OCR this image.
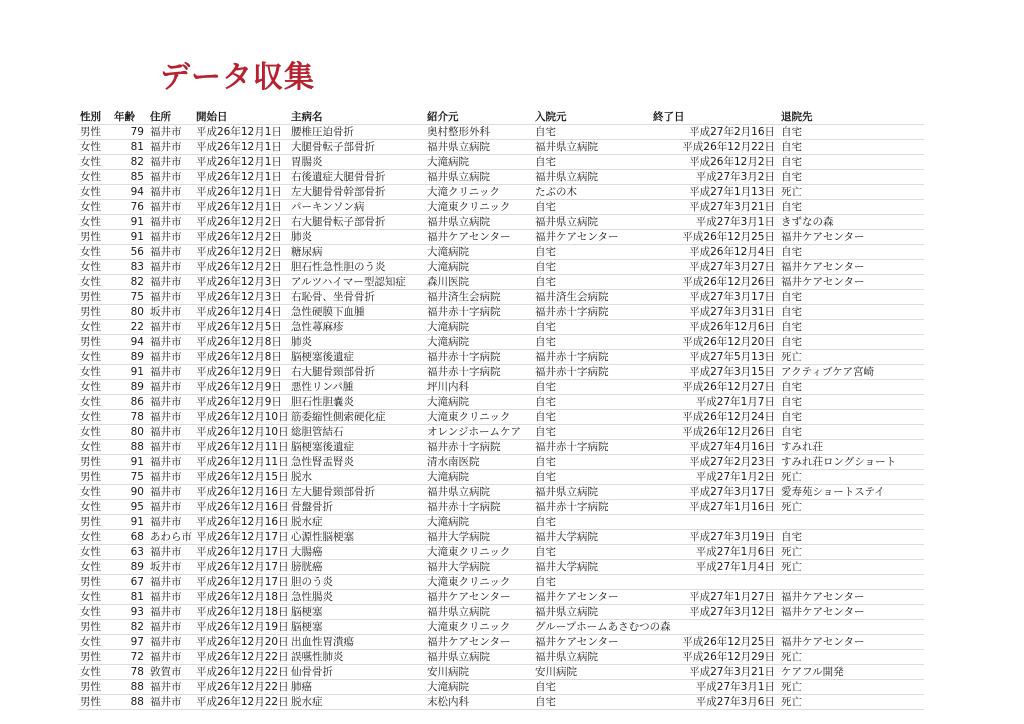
データ収集
性別	年齢	住所	開始日	主病名	紹介元	入院元	終了日	退院先
男性	79	福井市	平成26年12月1日	腰椎圧迫骨折	奥村整形外科	自宅	平成27年2月16日	自宅
女性	81	福井市	平成26年12月1日	大腿骨転子部骨折	福井県立病院	福井県立病院	平成26年12月22日	自宅
女性	82	福井市	平成26年12月1日	胃腸炎	大滝病院	自宅	平成26年12月2日	自宅
女性	85	福井市	平成26年12月1日	右後遺症大腿骨骨折	福井県立病院	福井県立病院	平成27年3月2日	自宅
女性	94	福井市	平成26年12月1日	左大腿骨骨幹部骨折	大滝クリニック	たぶの木	平成27年1月13日	死亡
女性	76	福井市	平成26年12月1日	パーキンソン病	大滝東クリニック	自宅	平成27年3月21日	自宅
女性	91	福井市	平成26年12月2日	右大腿骨転子部骨折	福井県立病院	福井県立病院	平成27年3月1日	きずなの森
男性	91	福井市	平成26年12月2日	肺炎	福井ケアセンター	福井ケアセンター	平成26年12月25日	福井ケアセンター
女性	56	福井市	平成26年12月2日	糖尿病	大滝病院	自宅	平成26年12月4日	自宅
女性	83	福井市	平成26年12月2日	胆石性急性胆のう炎	大滝病院	自宅	平成27年3月27日	福井ケアセンター
女性	82	福井市	平成26年12月3日	アルツハイマー型認知症	森川医院	自宅	平成26年12月26日	福井ケアセンター
男性	75	福井市	平成26年12月3日	右恥骨、坐骨骨折	福井済生会病院	福井済生会病院	平成27年3月17日	自宅
男性	80	坂井市	平成26年12月4日	急性硬膜下血腫	福井赤十字病院	福井赤十字病院	平成27年3月31日	自宅
女性	22	福井市	平成26年12月5日	急性蕁麻疹	大滝病院	自宅	平成26年12月6日	自宅
男性	94	福井市	平成26年12月8日	肺炎	大滝病院	自宅	平成26年12月20日	自宅
女性	89	福井市	平成26年12月8日	脳梗塞後遺症	福井赤十字病院	福井赤十字病院	平成27年5月13日	死亡
女性	91	福井市	平成26年12月9日	右大腿骨頸部骨折	福井赤十字病院	福井赤十字病院	平成27年3月15日	アクティブケア宮崎
女性	89	福井市	平成26年12月9日	悪性リンパ腫	坪川内科	自宅	平成26年12月27日	自宅
女性	86	福井市	平成26年12月9日	胆石性胆嚢炎	大滝病院	自宅	平成27年1月7日	自宅
女性	78	福井市	平成26年12月10日	筋委縮性側索硬化症	大滝東クリニック	自宅	平成26年12月24日	自宅
女性	80	福井市	平成26年12月10日	総胆管結石	オレンジホームケア	自宅	平成26年12月26日	自宅
女性	88	福井市	平成26年12月11日	脳梗塞後遺症	福井赤十字病院	福井赤十字病院	平成27年4月16日	すみれ荘
男性	91	福井市	平成26年12月11日	急性腎盂腎炎	清水南医院	自宅	平成27年2月23日	すみれ荘ロングショート
男性	75	福井市	平成26年12月15日	脱水	大滝病院	自宅	平成27年1月2日	死亡
女性	90	福井市	平成26年12月16日	左大腿骨頸部骨折	福井県立病院	福井県立病院	平成27年3月17日	愛寿苑ショートステイ
女性	95	福井市	平成26年12月16日	骨盤骨折	福井赤十字病院	福井赤十字病院	平成27年1月16日	死亡
男性	91	福井市	平成26年12月16日	脱水症	大滝病院	自宅		
女性	68	あわら市	平成26年12月17日	心源性脳梗塞	福井大学病院	福井大学病院	平成27年3月19日	自宅
女性	63	福井市	平成26年12月17日	大腸癌	大滝東クリニック	自宅	平成27年1月6日	死亡
女性	89	坂井市	平成26年12月17日	膀胱癌	福井大学病院	福井大学病院	平成27年1月4日	死亡
男性	67	福井市	平成26年12月17日	胆のう炎	大滝東クリニック	自宅		
女性	81	福井市	平成26年12月18日	急性腸炎	福井ケアセンター	福井ケアセンター	平成27年1月27日	福井ケアセンター
女性	93	福井市	平成26年12月18日	脳梗塞	福井県立病院	福井県立病院	平成27年3月12日	福井ケアセンター
男性	82	福井市	平成26年12月19日	脳梗塞	大滝東クリニック	グループホームあさむつの森		
女性	97	福井市	平成26年12月20日	出血性胃潰瘍	福井ケアセンター	福井ケアセンター	平成26年12月25日	福井ケアセンター
男性	72	福井市	平成26年12月22日	誤嚥性肺炎	福井県立病院	福井県立病院	平成26年12月29日	死亡
女性	78	敦賀市	平成26年12月22日	仙骨骨折	安川病院	安川病院	平成27年3月21日	ケアフル開発
男性	88	福井市	平成26年12月22日	肺癌	大滝病院	自宅	平成27年3月1日	死亡
男性	88	福井市	平成26年12月22日	脱水症	末松内科	自宅	平成27年3月6日	死亡
